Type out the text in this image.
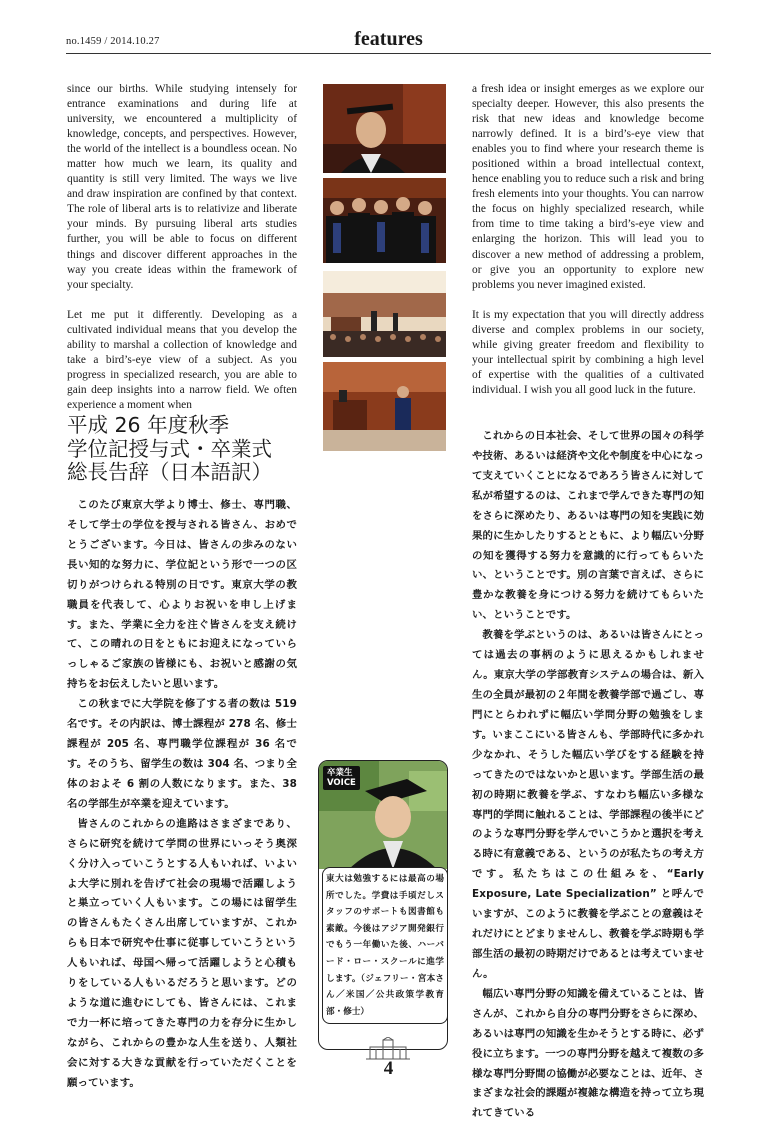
no.1459 / 2014.10.27	features

since our births. While studying intensely for entrance examinations and during life at university, we encountered a multiplicity of knowledge, concepts, and perspectives. However, the world of the intellect is a boundless ocean. No matter how much we learn, its quality and quantity is still very limited. The ways we live and draw inspiration are confined by that context. The role of liberal arts is to relativize and liberate your minds. By pursuing liberal arts studies further, you will be able to focus on different things and discover different approaches in the way you create ideas within the framework of your specialty.

Let me put it differently. Developing as a cultivated individual means that you develop the ability to marshal a collection of knowledge and take a bird’s-eye view of a subject. As you progress in specialized research, you are able to gain deep insights into a narrow field. We often experience a moment when

a fresh idea or insight emerges as we explore our specialty deeper. However, this also presents the risk that new ideas and knowledge become narrowly defined. It is a bird’s-eye view that enables you to find where your research theme is positioned within a broad intellectual context, hence enabling you to reduce such a risk and bring fresh elements into your thoughts. You can narrow the focus on highly specialized research, while from time to time taking a bird’s-eye view and enlarging the horizon. This will lead you to discover a new method of addressing a problem, or give you an opportunity to explore new problems you never imagined existed.

It is my expectation that you will directly address diverse and complex problems in our society, while giving greater freedom and flexibility to your intellectual spirit by combining a high level of expertise with the qualities of a cultivated individual. I wish you all good luck in the future.

平成 26 年度秋季
学位記授与式・卒業式
総長告辞（日本語訳）

このたび東京大学より博士、修士、専門職、そして学士の学位を授与される皆さん、おめでとうございます。今日は、皆さんの歩みのない長い知的な努力に、学位記という形で一つの区切りがつけられる特別の日です。東京大学の教職員を代表して、心よりお祝いを申し上げます。また、学業に全力を注ぐ皆さんを支え続けて、この晴れの日をともにお迎えになっていらっしゃるご家族の皆様にも、お祝いと感謝の気持ちをお伝えしたいと思います。

この秋までに大学院を修了する者の数は 519 名です。その内訳は、博士課程が 278 名、修士課程が 205 名、専門職学位課程が 36 名です。そのうち、留学生の数は 304 名、つまり全体のおよそ 6 割の人数になります。また、38 名の学部生が卒業を迎えています。

皆さんのこれからの進路はさまざまであり、さらに研究を続けて学問の世界にいっそう奥深く分け入っていこうとする人もいれば、いよいよ大学に別れを告げて社会の現場で活躍しようと巣立っていく人もいます。この場には留学生の皆さんもたくさん出席していますが、これからも日本で研究や仕事に従事していこうという人もいれば、母国へ帰って活躍しようと心積もりをしている人もいるだろうと思います。どのような道に進むにしても、皆さんには、これまで力一杯に培ってきた専門の力を存分に生かしながら、これからの豊かな人生を送り、人類社会に対する大きな貢献を行っていただくことを願っています。

これからの日本社会、そして世界の国々の科学や技術、あるいは経済や文化や制度を中心になって支えていくことになるであろう皆さんに対して私が希望するのは、これまで学んできた専門の知をさらに深めたり、あるいは専門の知を実践に効果的に生かしたりするとともに、より幅広い分野の知を獲得する努力を意識的に行ってもらいたい、ということです。別の言葉で言えば、さらに豊かな教養を身につける努力を続けてもらいたい、ということです。

教養を学ぶというのは、あるいは皆さんにとっては過去の事柄のように思えるかもしれません。東京大学の学部教育システムの場合は、新入生の全員が最初の２年間を教養学部で過ごし、専門にとらわれずに幅広い学問分野の勉強をします。いまここにいる皆さんも、学部時代に多かれ少なかれ、そうした幅広い学びをする経験を持ってきたのではないかと思います。学部生活の最初の時期に教養を学ぶ、すなわち幅広い多様な専門的学問に触れることは、学部課程の後半にどのような専門分野を学んでいこうかと選択を考える時に有意義である、というのが私たちの考え方です。私たちはこの仕組みを、“Early Exposure, Late Specialization” と呼んでいますが、このように教養を学ぶことの意義はそれだけにとどまりませんし、教養を学ぶ時期も学部生活の最初の時期だけであるとは考えていません。

幅広い専門分野の知識を備えていることは、皆さんが、これから自分の専門分野をさらに深め、あるいは専門の知識を生かそうとする時に、必ず役に立ちます。一つの専門分野を越えて複数の多様な専門分野間の協働が必要なことは、近年、さまざまな社会的課題が複雑な構造を持って立ち現れてきている

卒業生
VOICE
東大は勉強するには最高の場所でした。学費は手頃だしスタッフのサポートも図書館も素敵。今後はアジア開発銀行でもう一年働いた後、ハーバード・ロー・スクールに進学します。（ジェフリー・宮本さん／米国／公共政策学教育部・修士）
4
